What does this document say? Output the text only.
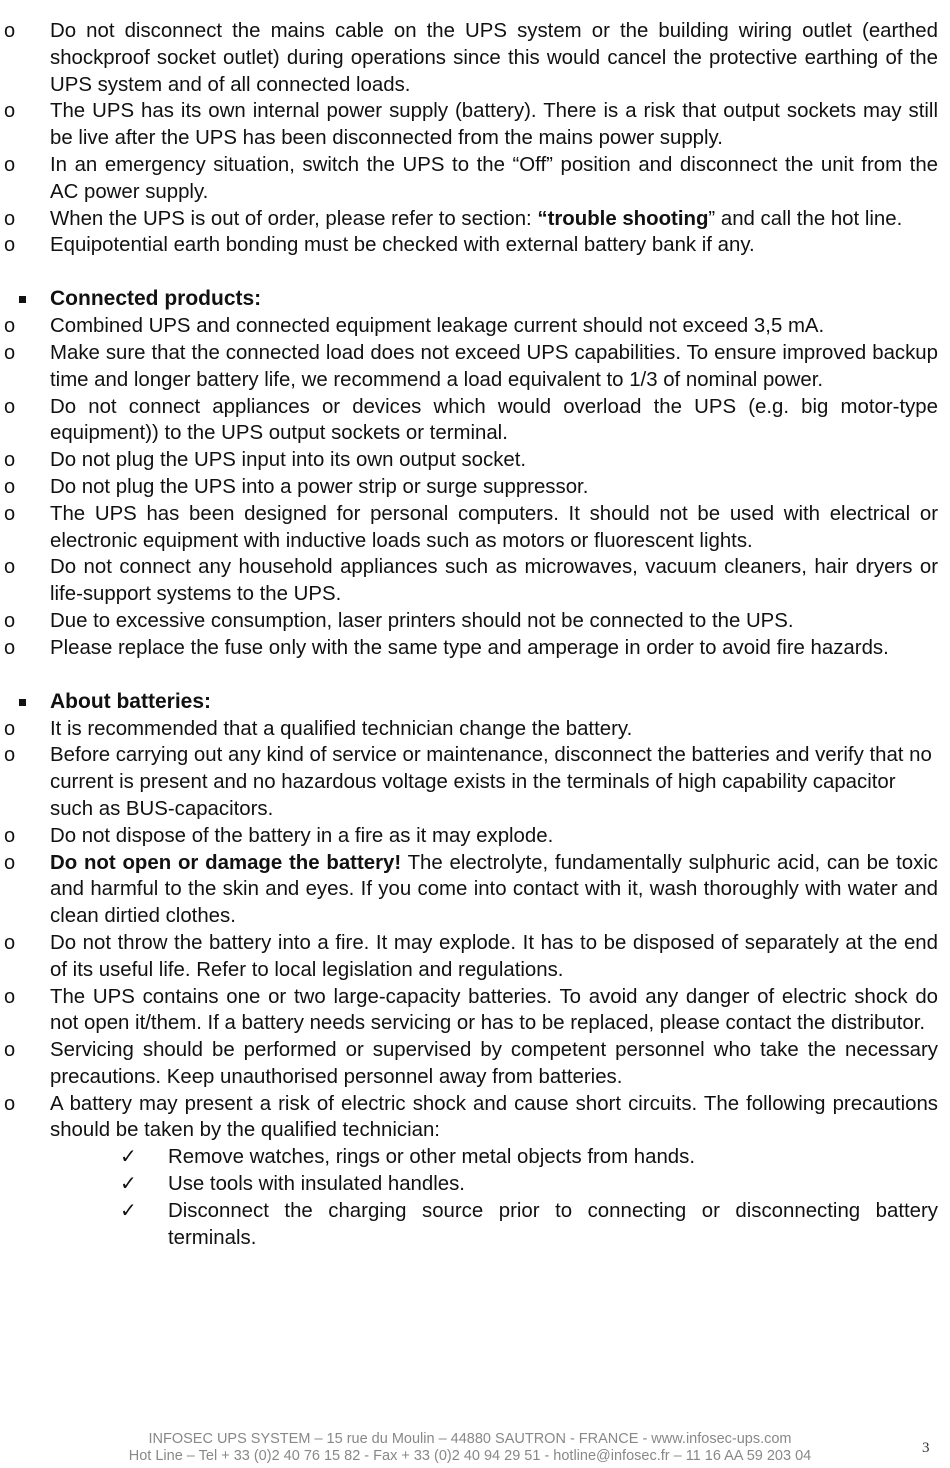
o	Do not disconnect the mains cable on the UPS system or the building wiring outlet (earthed shockproof socket outlet) during operations since this would cancel the protective earthing of the UPS system and of all connected loads.
o	The UPS has its own internal power supply (battery). There is a risk that output sockets may still be live after the UPS has been disconnected from the mains power supply.
o	In an emergency situation, switch the UPS to the “Off” position and disconnect the unit from the AC power supply.
o	When the UPS is out of order, please refer to section: “trouble shooting” and call the hot line.
o	Equipotential earth bonding must be checked with external battery bank if any.
Connected products:
o	Combined UPS and connected equipment leakage current should not exceed 3,5 mA.
o	Make sure that the connected load does not exceed UPS capabilities. To ensure improved backup time and longer battery life, we recommend a load equivalent to 1/3 of nominal power.
o	Do not connect appliances or devices which would overload the UPS (e.g. big motor-type equipment)) to the UPS output sockets or terminal.
o	Do not plug the UPS input into its own output socket.
o	Do not plug the UPS into a power strip or surge suppressor.
o	The UPS has been designed for personal computers. It should not be used with electrical or electronic equipment with inductive loads such as motors or fluorescent lights.
o	Do not connect any household appliances such as microwaves, vacuum cleaners, hair dryers or life-support systems to the UPS.
o	Due to excessive consumption, laser printers should not be connected to the UPS.
o	Please replace the fuse only with the same type and amperage in order to avoid fire hazards.
About batteries:
o	It is recommended that a qualified technician change the battery.
o	Before carrying out any kind of service or maintenance, disconnect the batteries and verify that no current is present and no hazardous voltage exists in the terminals of high capability capacitor such as BUS-capacitors.
o	Do not dispose of the battery in a fire as it may explode.
o	Do not open or damage the battery! The electrolyte, fundamentally sulphuric acid, can be toxic and harmful to the skin and eyes. If you come into contact with it, wash thoroughly with water and clean dirtied clothes.
o	Do not throw the battery into a fire. It may explode. It has to be disposed of separately at the end of its useful life. Refer to local legislation and regulations.
o	The UPS contains one or two large-capacity batteries. To avoid any danger of electric shock do not open it/them. If a battery needs servicing or has to be replaced, please contact the distributor.
o	Servicing should be performed or supervised by competent personnel who take the necessary precautions. Keep unauthorised personnel away from batteries.
o	A battery may present a risk of electric shock and cause short circuits. The following precautions should be taken by the qualified technician:
✓ Remove watches, rings or other metal objects from hands.
✓ Use tools with insulated handles.
✓ Disconnect the charging source prior to connecting or disconnecting battery terminals.
INFOSEC UPS SYSTEM – 15 rue du Moulin – 44880 SAUTRON - FRANCE - www.infosec-ups.com
Hot Line – Tel + 33 (0)2 40 76 15 82 - Fax + 33 (0)2 40 94 29 51 - hotline@infosec.fr – 11 16 AA 59 203 04	3
